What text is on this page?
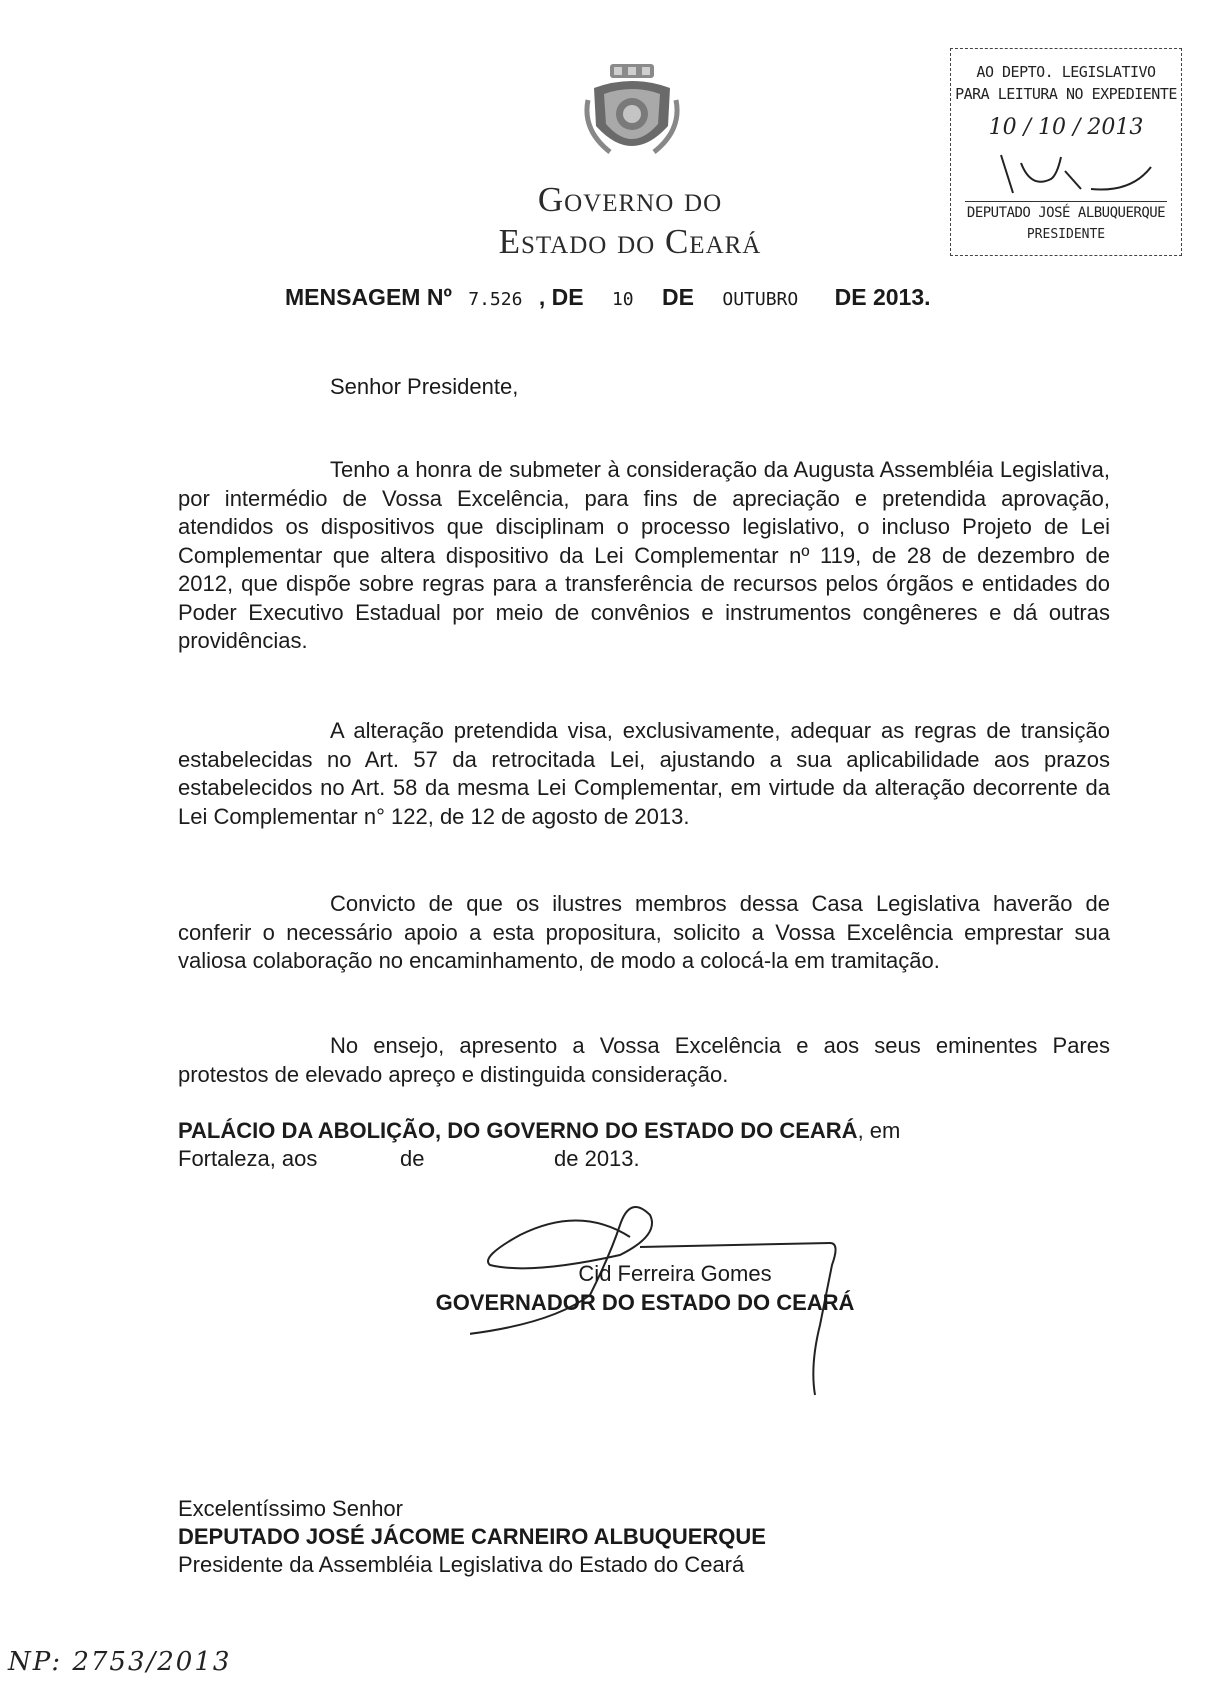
Governo do
Estado do Ceará
AO DEPTO. LEGISLATIVO
PARA LEITURA NO EXPEDIENTE
10 / 10 / 2013
DEPUTADO JOSÉ ALBUQUERQUE
PRESIDENTE
MENSAGEM Nº 7.526 , DE 10 DE OUTUBRO DE 2013.
Senhor Presidente,
Tenho a honra de submeter à consideração da Augusta Assembléia Legislativa, por intermédio de Vossa Excelência, para fins de apreciação e pretendida aprovação, atendidos os dispositivos que disciplinam o processo legislativo, o incluso Projeto de Lei Complementar que altera dispositivo da Lei Complementar nº 119, de 28 de dezembro de 2012, que dispõe sobre regras para a transferência de recursos pelos órgãos e entidades do Poder Executivo Estadual por meio de convênios e instrumentos congêneres e dá outras providências.
A alteração pretendida visa, exclusivamente, adequar as regras de transição estabelecidas no Art. 57 da retrocitada Lei, ajustando a sua aplicabilidade aos prazos estabelecidos no Art. 58 da mesma Lei Complementar, em virtude da alteração decorrente da Lei Complementar n° 122, de 12 de agosto de 2013.
Convicto de que os ilustres membros dessa Casa Legislativa haverão de conferir o necessário apoio a esta propositura, solicito a Vossa Excelência emprestar sua valiosa colaboração no encaminhamento, de modo a colocá-la em tramitação.
No ensejo, apresento a Vossa Excelência e aos seus eminentes Pares protestos de elevado apreço e distinguida consideração.
PALÁCIO DA ABOLIÇÃO, DO GOVERNO DO ESTADO DO CEARÁ, em
Fortaleza, aos	de	de 2013.
Cid Ferreira Gomes
GOVERNADOR DO ESTADO DO CEARÁ
Excelentíssimo Senhor
DEPUTADO JOSÉ JÁCOME CARNEIRO ALBUQUERQUE
Presidente da Assembléia Legislativa do Estado do Ceará
NP: 2753/2013
